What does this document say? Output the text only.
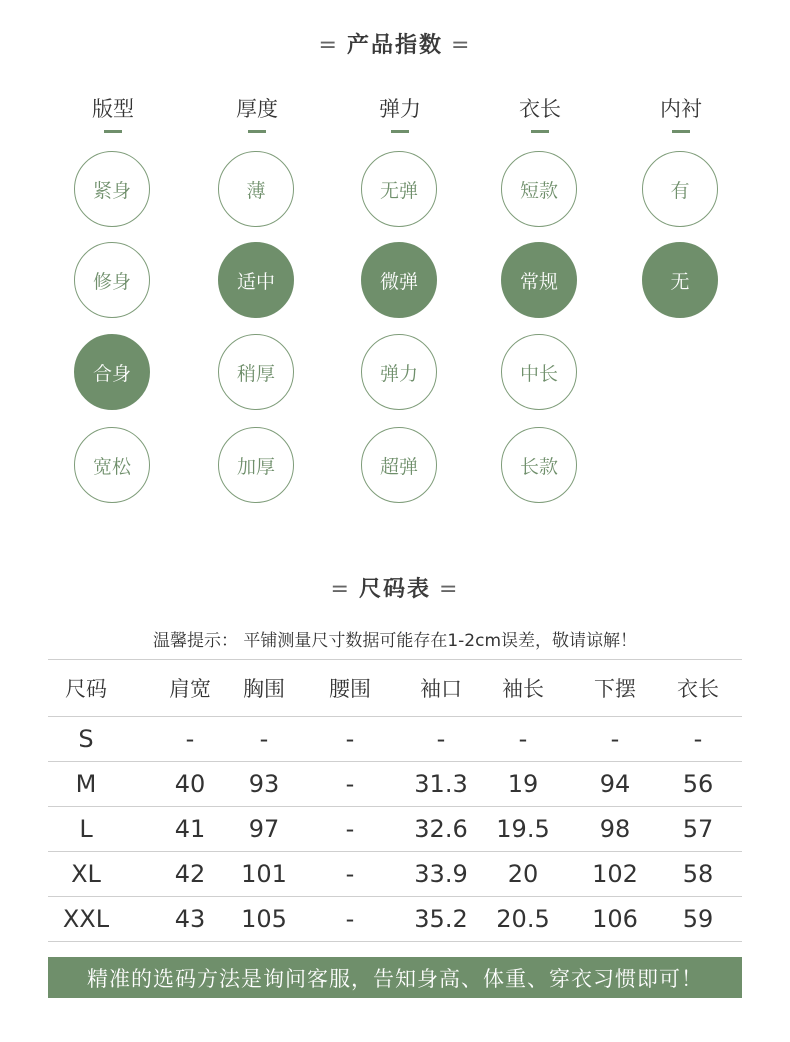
= 产品指数 =
版型
紧身
修身
合身
宽松
厚度
薄
适中
稍厚
加厚
弹力
无弹
微弹
弹力
超弹
衣长
短款
常规
中长
长款
内衬
有
无
= 尺码表 =
温馨提示： 平铺测量尺寸数据可能存在1-2cm误差，敬请谅解！
尺码	肩宽	胸围	腰围	袖口	袖长	下摆	衣长
S	-	-	-	-	-	-	-
M	40	93	-	31.3	19	94	56
L	41	97	-	32.6	19.5	98	57
XL	42	101	-	33.9	20	102	58
XXL	43	105	-	35.2	20.5	106	59
精准的选码方法是询问客服，告知身高、体重、穿衣习惯即可！
